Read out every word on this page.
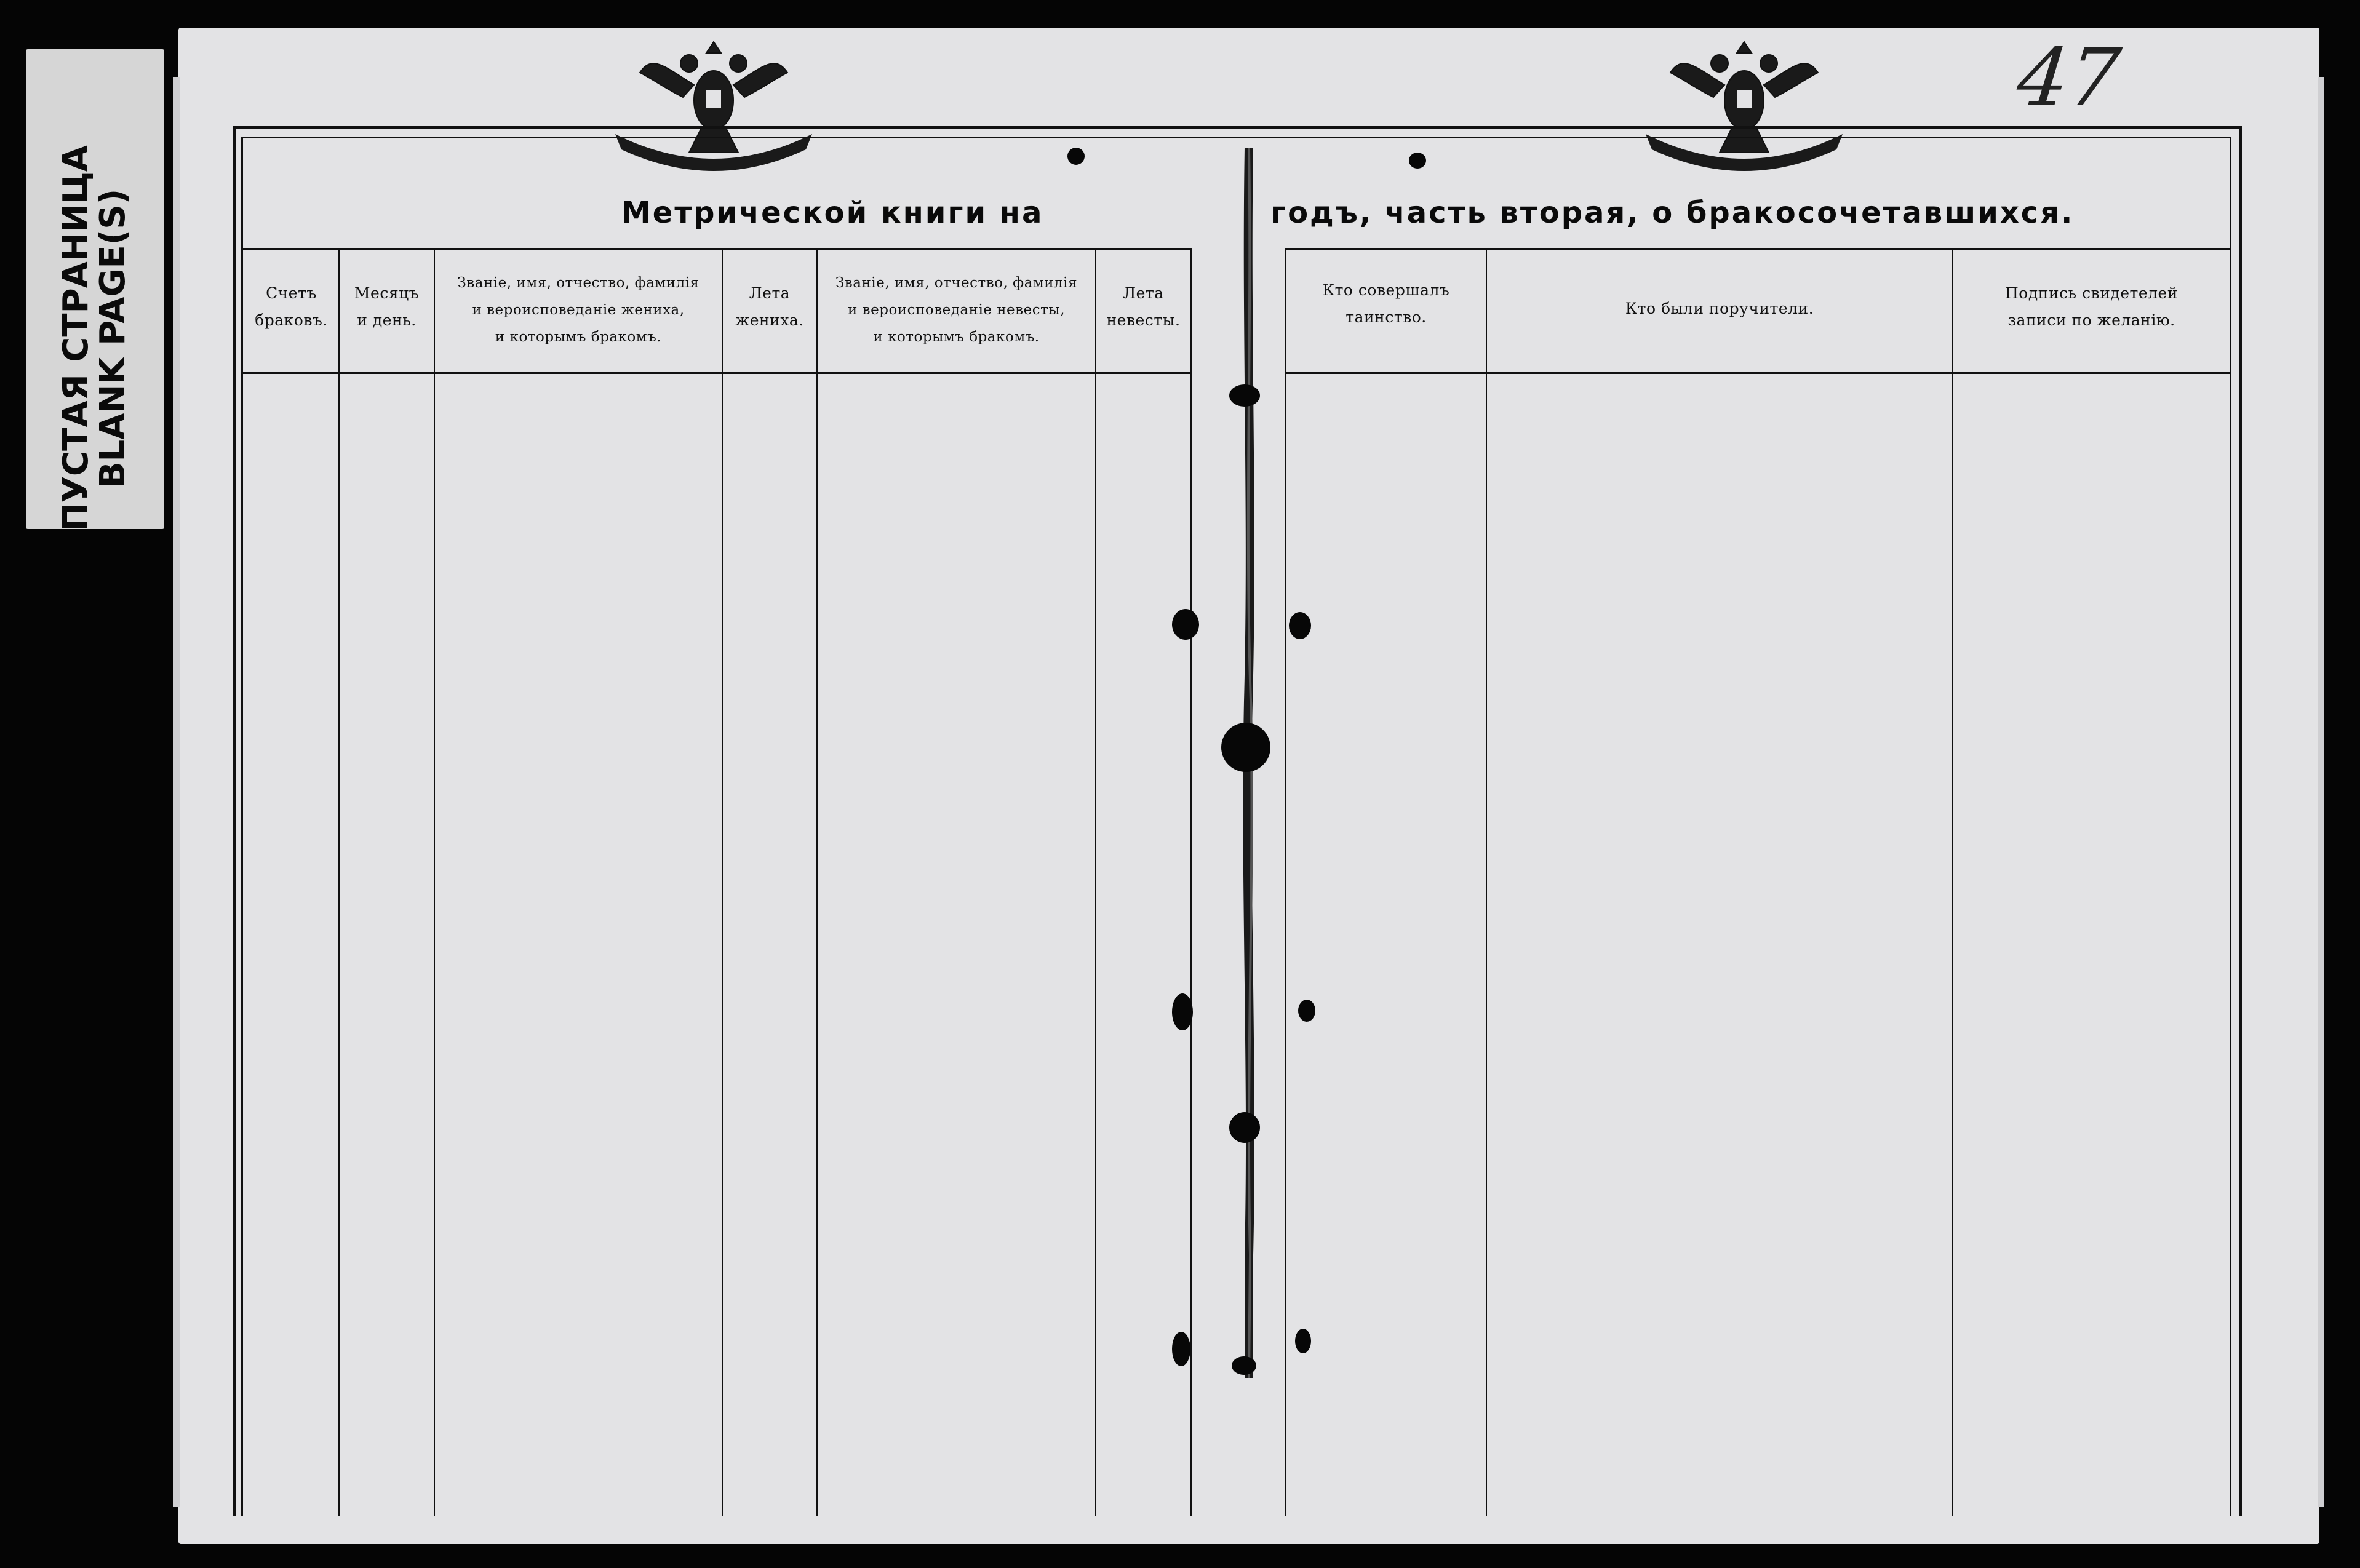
ПУСТАЯ СТРАНИЦА
BLANK PAGE(S)
47
Метрической книги на	годъ, часть вторая, о бракосочетавшихся.
Счетъ
браковъ.
Месяцъ
и день.
Званіе, имя, отчество, фамилія
и вероисповеданіе жениха,
и которымъ бракомъ.
Лета
жениха.
Званіе, имя, отчество, фамилія
и вероисповеданіе невесты,
и которымъ бракомъ.
Лета
невесты.
Кто совершалъ
таинство.	Кто были поручители.
Подпись свидетелей
записи по желанію.
